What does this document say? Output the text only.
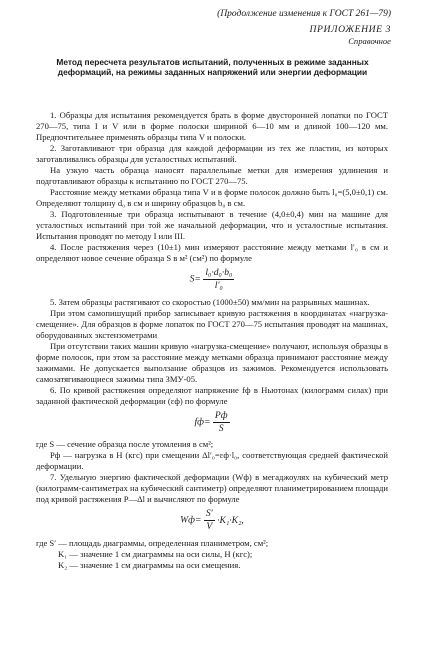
(Продолжение изменения к ГОСТ 261—79)
ПРИЛОЖЕНИЕ 3
Справочное
Метод пересчета результатов испытаний, полученных в режиме заданных деформаций, на режимы заданных напряжений или энергии деформации

1. Образцы для испытания рекомендуется брать в форме двусторонней лопатки по ГОСТ 270—75, типа I и V или в форме полоски шириной 6—10 мм и длиной 100—120 мм. Предпочтительнее применять образцы типа V и полоски.

2. Заготавливают три образца для каждой деформации из тех же пластин, из которых заготавливались образцы для усталостных испытаний.

На узкую часть образца наносят параллельные метки для измерения удлинения и подготавливают образцы к испытанию по ГОСТ 270—75.

Расстояние между метками образца типа V и в форме полосок должно быть l₀=(5,0±0,1) см. Определяют толщину d₀ в см и ширину образцов b₀ в см.

3. Подготовленные три образца испытывают в течение (4,0±0,4) мин на машине для усталостных испытаний при той же начальной деформации, что и усталостные испытания. Испытания проводят по методу I или III.

4. После растяжения через (10±1) мин измеряют расстояние между метками l′₀ в см и определяют новое сечение образца S в м² (см²) по формуле

$S= \frac{\text{l₀·d₀·b₀}}{\text{l′₀}}$

5. Затем образцы растягивают со скоростью (1000±50) мм/мин на разрывных машинах.

При этом самопишущий прибор записывает кривую растяжения в координатах «нагрузка-смещение». Для образцов в форме лопаток по ГОСТ 270—75 испытания проводят на машинах, оборудованных экстензометрами

При отсутствии таких машин кривую «нагрузка-смещение» получают, используя образцы в форме полосок, при этом за расстояние между метками образца принимают расстояние между зажимами. Не допускается выползание образцов из зажимов. Рекомендуется использовать самозатягивающиеся зажимы типа ЗМУ-05.

6. По кривой растяжения определяют напряжение fф в Ньютонах (килограмм силах) при заданной фактической деформации (εф) по формуле

$fф= \frac{Pф}{S}$

где S — сечение образца после утомления в см²;

Pф — нагрузка в Н (кгс) при смещении Δl′₀=εф·l₀, соответствующая средней фактической деформации.

7. Удельную энергию фактической деформации (Wф) в мегаджоулях на кубический метр (килограмм-сантиметрах на кубический сантиметр) определяют планиметрированием площади под кривой растяжения P—Δl и вычисляют по формуле

$Wф= \frac{S'}{V} \cdot K_1\cdot K_2$,

где S′ — площадь диаграммы, определенная планиметром, см²;

K₁ — значение 1 см диаграммы на оси силы, Н (кгс);

K₂ — значение 1 см диаграммы на оси смещения.
